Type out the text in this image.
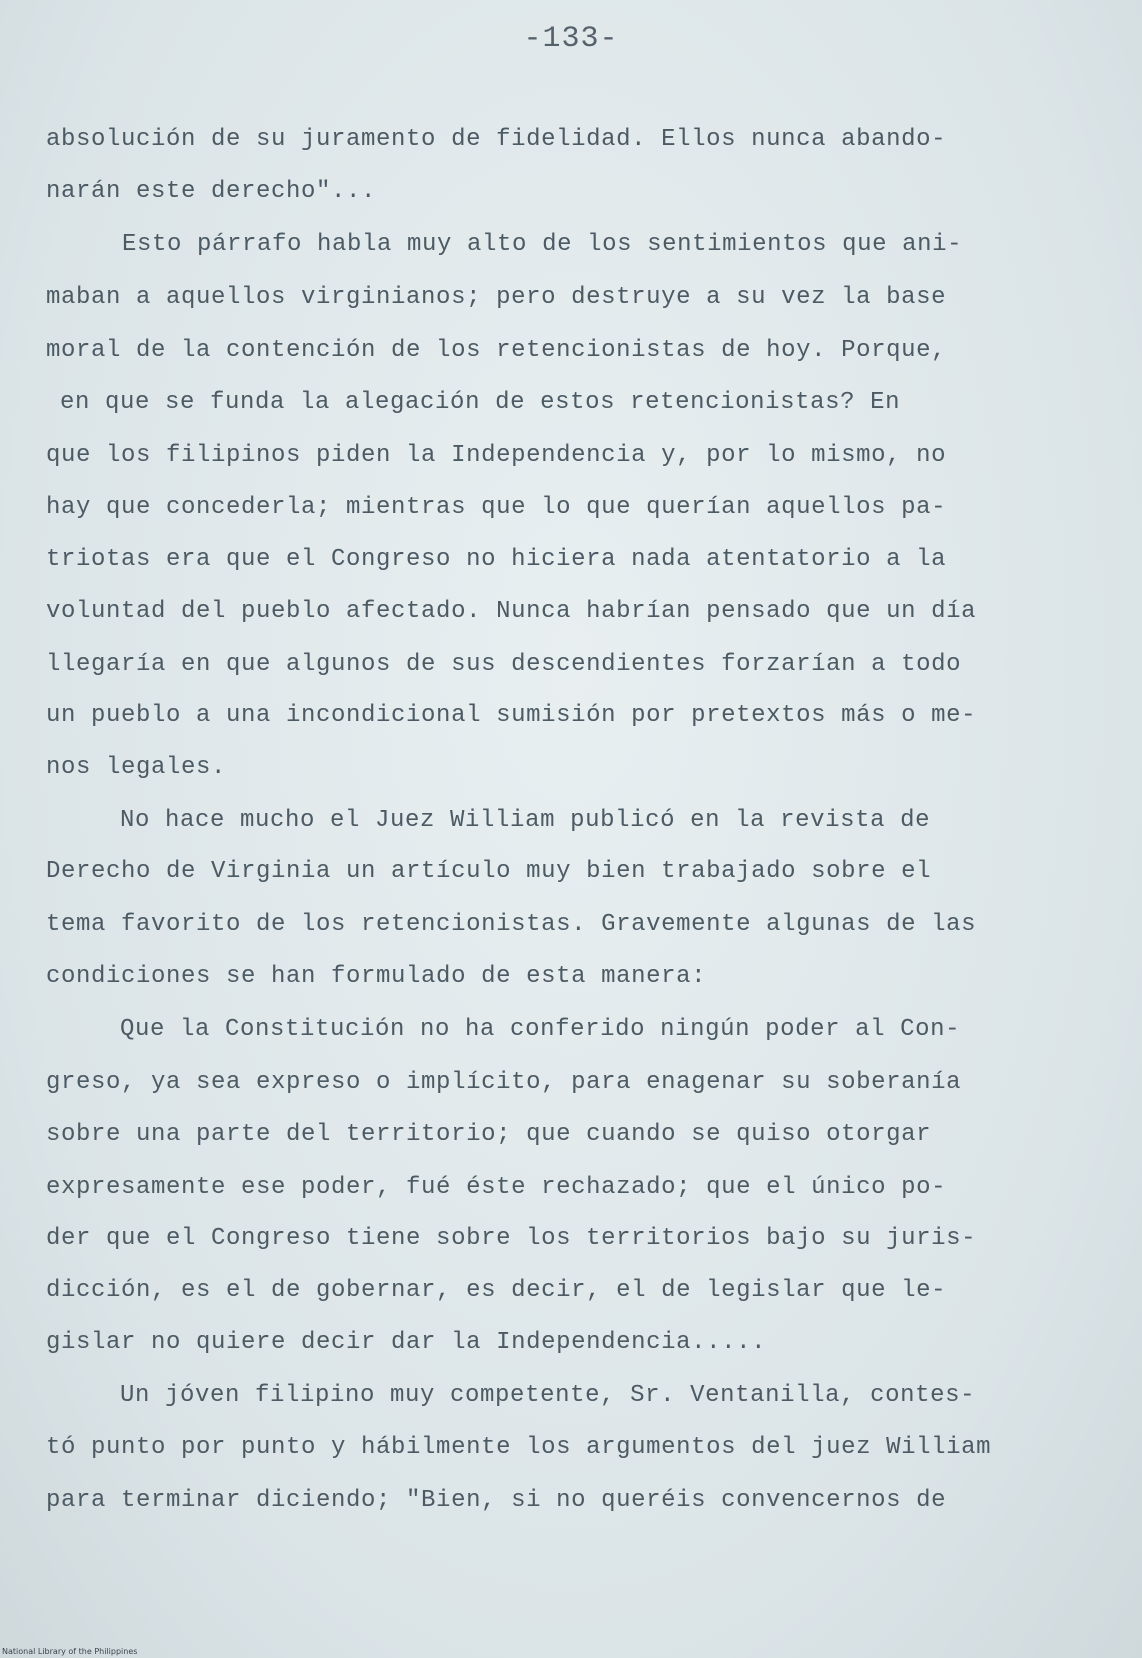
-133-

absolución de su juramento de fidelidad. Ellos nunca abando-

narán este derecho"...

Esto párrafo habla muy alto de los sentimientos que ani-

maban a aquellos virginianos; pero destruye a su vez la base

moral de la contención de los retencionistas de hoy. Porque,

en que se funda la alegación de estos retencionistas? En

que los filipinos piden la Independencia y, por lo mismo, no

hay que concederla; mientras que lo que querían aquellos pa-

triotas era que el Congreso no hiciera nada atentatorio a la

voluntad del pueblo afectado. Nunca habrían pensado que un día

llegaría en que algunos de sus descendientes forzarían a todo

un pueblo a una incondicional sumisión por pretextos más o me-

nos legales.

No hace mucho el Juez William publicó en la revista de

Derecho de Virginia un artículo muy bien trabajado sobre el

tema favorito de los retencionistas. Gravemente algunas de las

condiciones se han formulado de esta manera:

Que la Constitución no ha conferido ningún poder al Con-

greso, ya sea expreso o implícito, para enagenar su soberanía

sobre una parte del territorio; que cuando se quiso otorgar

expresamente ese poder, fué éste rechazado; que el único po-

der que el Congreso tiene sobre los territorios bajo su juris-

dicción, es el de gobernar, es decir, el de legislar que le-

gislar no quiere decir dar la Independencia.....

Un jóven filipino muy competente, Sr. Ventanilla, contes-

tó punto por punto y hábilmente los argumentos del juez William

para terminar diciendo; "Bien, si no queréis convencernos de

National Library of the Philippines
